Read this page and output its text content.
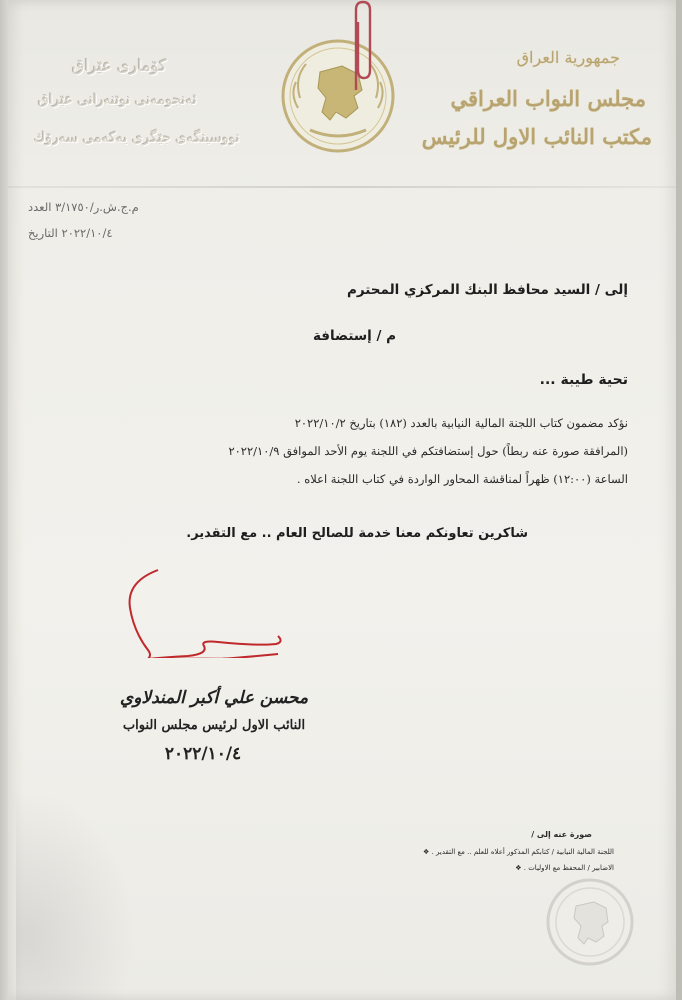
کۆماری عێراق
ئەنجومەنی نوێنەرانی عێراق
نووسینگەی جێگری یەکەمی سەرۆك
جمهورية العراق
مجلس النواب العراقي
مكتب النائب الاول للرئيس
م.ج.ش.ر/٣/١٧٥٠ العدد
٢٠٢٢/١٠/٤ التاريخ
إلى / السيد محافظ البنك المركزي المحترم
م / إستضافة
تحية طيبة ...
نؤكد مضمون كتاب اللجنة المالية النيابية بالعدد (١٨٢) بتاريخ ٢٠٢٢/١٠/٢
(المرافقة صورة عنه ربطاً) حول إستضافتكم في اللجنة يوم الأحد الموافق ٢٠٢٢/١٠/٩
الساعة (١٢:٠٠) ظهراً لمناقشة المحاور الواردة في كتاب اللجنة اعلاه .
شاكرين تعاونكم معنا خدمة للصالح العام .. مع التقدير.
محسن علي أكبر المندلاوي
النائب الاول لرئيس مجلس النواب
٢٠٢٢/١٠/٤
صورة عنه إلى /
اللجنة المالية النيابية / كتابكم المذكور أعلاه للعلم .. مع التقدير . ❖
الاضابير / المحفظ مع الاوليات . ❖
